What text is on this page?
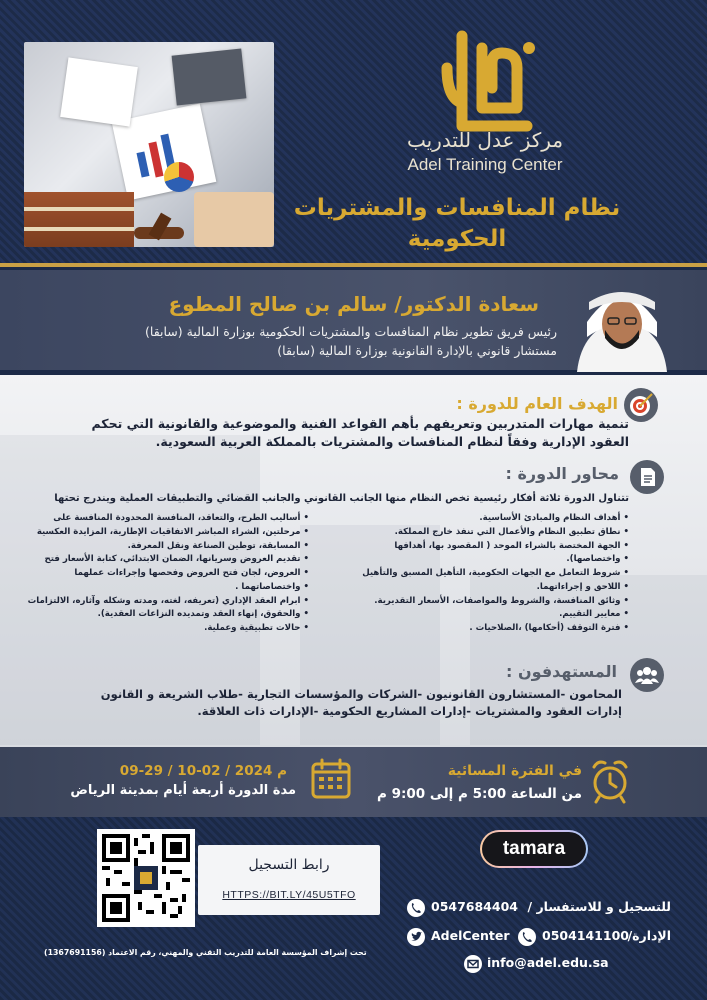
مركز عدل للتدريب
Adel Training Center
نظام المنافسات والمشتريات
الحكومية
سعادة الدكتور/ سالم بن صالح المطوع
رئيس فريق تطوير نظام المنافسات والمشتريات الحكومية بوزارة المالية (سابقا)
مستشار قانوني بالإدارة القانونية بوزارة المالية (سابقا)
الهدف العام للدورة :
تنمية مهارات المتدربين وتعريفهم بأهم القواعد الفنية والموضوعية والقانونية التي تحكم العقود الإدارية وفقاً لنظام المنافسات والمشتريات بالمملكة العربية السعودية.
محاور الدورة :
تتناول الدورة ثلاثة أفكار رئيسية تخص النظام منها الجانب القانوني والجانب القضائي والتطبيقات العملية ويندرج تحتها
• أهداف النظام والمبادئ الأساسية.
• نطاق تطبيق النظام والأعمال التي تنفذ خارج المملكة.
• الجهة المختصة بالشراء الموحد ( المقصود بها، أهدافها
• واختصاصها).
• شروط التعامل مع الجهات الحكومية، التأهيل المسبق والتأهيل
• اللاحق و إجراءاتهما.
• وثائق المنافسة، والشروط والمواصفات، الأسعار التقديرية.
• معايير التقييم.
• فترة التوقف (أحكامها) ،الصلاحيات .
• أساليب الطرح، والتعاقد، المنافسة المحدودة المنافسة على
• مرحلتين، الشراء المباشر الاتفاقيات الإطارية، المزايدة العكسية
• المسابقة، توطين الصناعة ونقل المعرفة.
• تقديم العروض وسريانها، الضمان الابتدائي، كتابة الأسعار فتح
• العروض، لجان فتح العروض وفحصها وإجراءات عملهما
• واختصاصاتهما .
• ابرام العقد الإداري (تعريفه، لغته، ومدته وشكله وآثاره، الالتزامات
• والحقوق، إنهاء العقد وتمديده النزاعات العقدية).
• حالات تطبيقية وعملية.
المستهدفون :
المحامون -المستشارون القانونيون -الشركات والمؤسسات التجارية -طلاب الشريعة و القانون إدارات العقود والمشتريات -إدارات المشاريع الحكومية -الإدارات ذات العلاقة.
في الفترة المسائية
من الساعة 5:00 م إلى 9:00 م
09-29 / 10-02 / 2024 م
مدة الدورة أربعة أيام بمدينة الرياض
رابط التسجيل
HTTPS://BIT.LY/45U5TFO
tamara
0547684404 للتسجيل و للاستفسار /
AdelCenter	0504141100
الإدارة/
info@adel.edu.sa
تحت إشراف المؤسسة العامة للتدريب التقني والمهني، رقم الاعتماد (1367691156)
